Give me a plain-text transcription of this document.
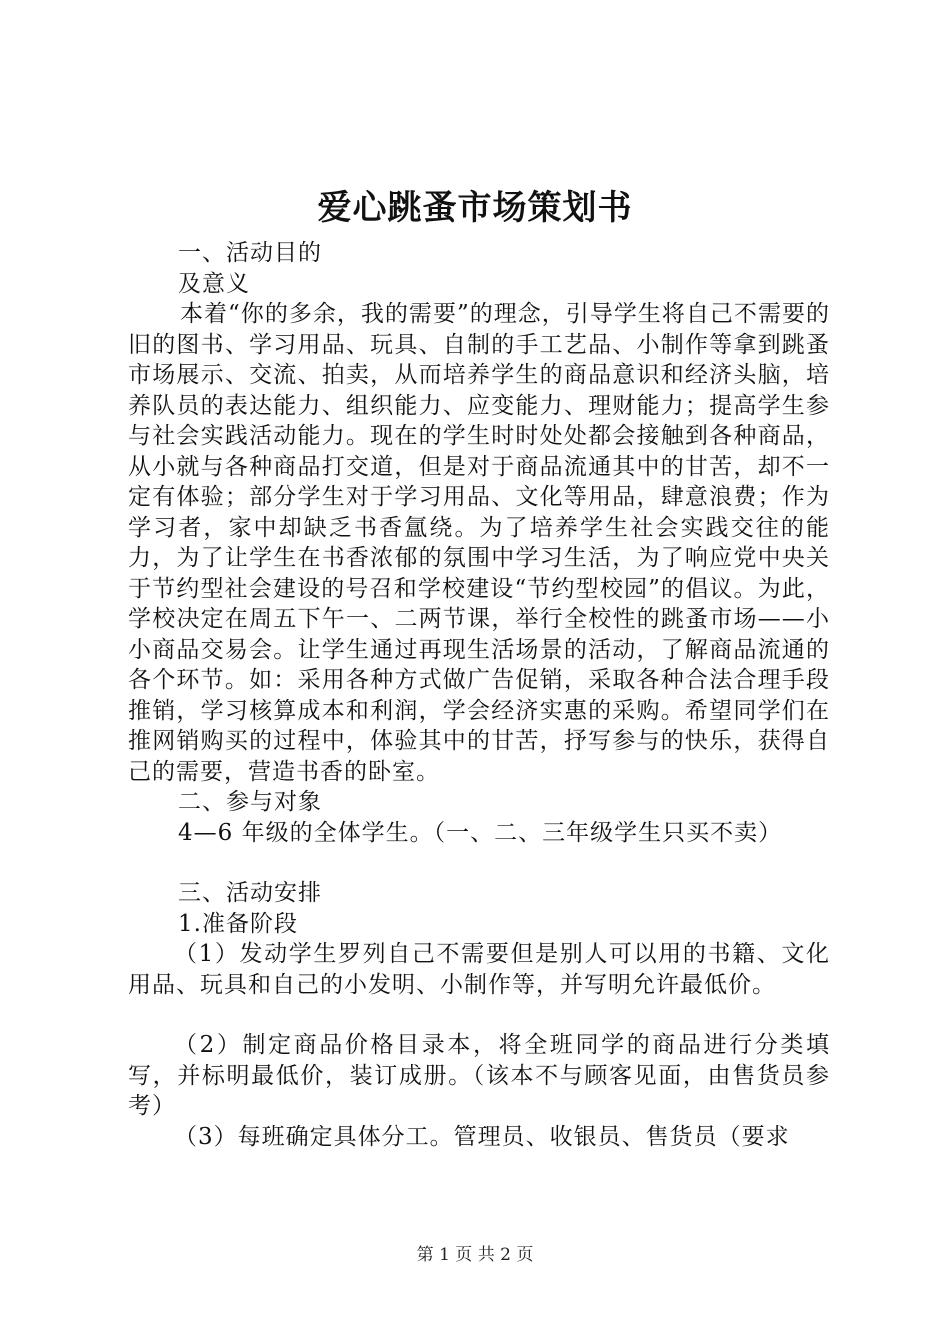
爱心跳蚤市场策划书

一、活动目的

及意义

本着“你的多余，我的需要”的理念，引导学生将自己不需要的旧的图书、学习用品、玩具、自制的手工艺品、小制作等拿到跳蚤市场展示、交流、拍卖，从而培养学生的商品意识和经济头脑，培养队员的表达能力、组织能力、应变能力、理财能力；提高学生参与社会实践活动能力。现在的学生时时处处都会接触到各种商品，从小就与各种商品打交道，但是对于商品流通其中的甘苦，却不一定有体验；部分学生对于学习用品、文化等用品，肆意浪费；作为学习者，家中却缺乏书香氲绕。为了培养学生社会实践交往的能力，为了让学生在书香浓郁的氛围中学习生活，为了响应党中央关于节约型社会建设的号召和学校建设“节约型校园”的倡议。为此，学校决定在周五下午一、二两节课，举行全校性的跳蚤市场——小小商品交易会。让学生通过再现生活场景的活动，了解商品流通的各个环节。如：采用各种方式做广告促销，采取各种合法合理手段推销，学习核算成本和利润，学会经济实惠的采购。希望同学们在推网销购买的过程中，体验其中的甘苦，抒写参与的快乐，获得自己的需要，营造书香的卧室。

二、参与对象

4—6 年级的全体学生。（一、二、三年级学生只买不卖）

三、活动安排

1.准备阶段

（1）发动学生罗列自己不需要但是别人可以用的书籍、文化用品、玩具和自己的小发明、小制作等，并写明允许最低价。

（2）制定商品价格目录本，将全班同学的商品进行分类填写，并标明最低价，装订成册。（该本不与顾客见面，由售货员参考）

（3）每班确定具体分工。管理员、收银员、售货员（要求

第 1 页 共 2 页
